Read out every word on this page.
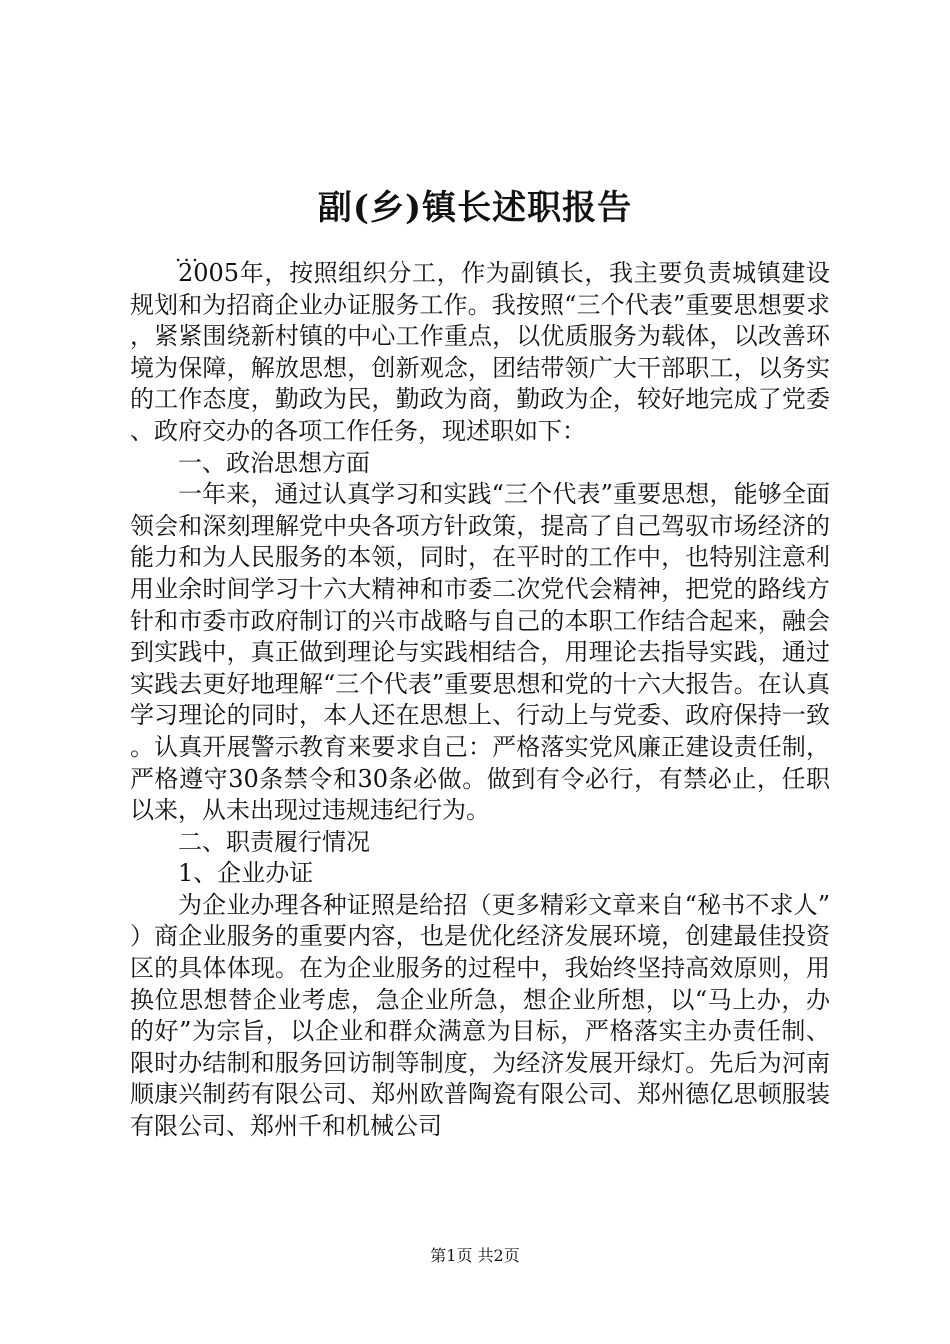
副(乡)镇长述职报告
...

2005年，按照组织分工，作为副镇长，我主要负责城镇建设规划和为招商企业办证服务工作。我按照“三个代表”重要思想要求，紧紧围绕新村镇的中心工作重点，以优质服务为载体，以改善环境为保障，解放思想，创新观念，团结带领广大干部职工，以务实的工作态度，勤政为民，勤政为商，勤政为企，较好地完成了党委、政府交办的各项工作任务，现述职如下：

一、政治思想方面

一年来，通过认真学习和实践“三个代表”重要思想，能够全面领会和深刻理解党中央各项方针政策，提高了自己驾驭市场经济的能力和为人民服务的本领，同时，在平时的工作中，也特别注意利用业余时间学习十六大精神和市委二次党代会精神，把党的路线方针和市委市政府制订的兴市战略与自己的本职工作结合起来，融会到实践中，真正做到理论与实践相结合，用理论去指导实践，通过实践去更好地理解“三个代表”重要思想和党的十六大报告。在认真学习理论的同时，本人还在思想上、行动上与党委、政府保持一致。认真开展警示教育来要求自己：严格落实党风廉正建设责任制，严格遵守30条禁令和30条必做。做到有令必行，有禁必止，任职以来，从未出现过违规违纪行为。

二、职责履行情况

1、企业办证

为企业办理各种证照是给招（更多精彩文章来自“秘书不求人”）商企业服务的重要内容，也是优化经济发展环境，创建最佳投资区的具体体现。在为企业服务的过程中，我始终坚持高效原则，用换位思想替企业考虑，急企业所急，想企业所想，以“马上办，办的好”为宗旨，以企业和群众满意为目标，严格落实主办责任制、限时办结制和服务回访制等制度，为经济发展开绿灯。先后为河南顺康兴制药有限公司、郑州欧普陶瓷有限公司、郑州德亿思顿服装有限公司、郑州千和机械公司

第1页 共2页
